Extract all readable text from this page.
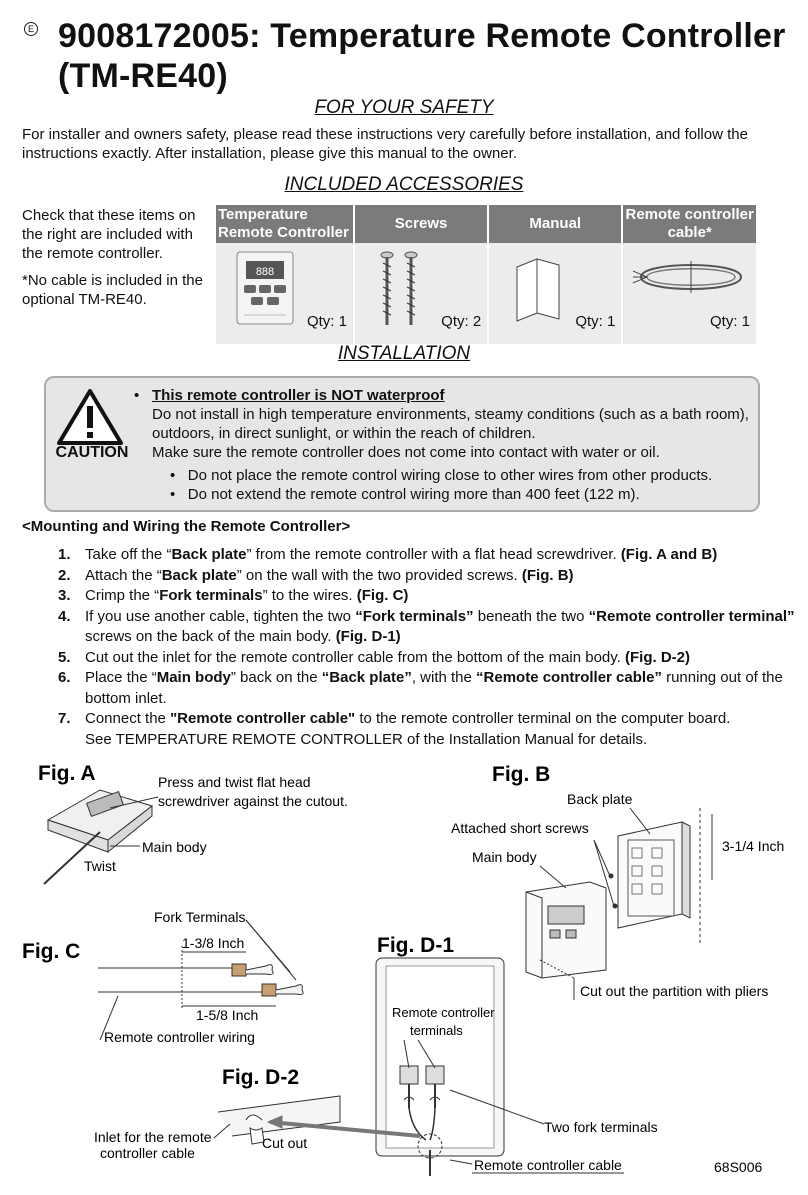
E 9008172005: Temperature Remote Controller
(TM-RE40)
FOR YOUR SAFETY
For installer and owners safety, please read these instructions very carefully before installation, and follow the instructions exactly. After installation, please give this manual to the owner.
INCLUDED ACCESSORIES
Check that these items on the right are included with the remote controller.
*No cable is included in the optional TM-RE40.
Temperature Remote Controller	Screws	Manual	Remote controller cable*

888
Qty: 1	Qty: 2	Qty: 1	Qty: 1
INSTALLATION
CAUTION
• This remote controller is NOT waterproof
Do not install in high temperature environments, steamy conditions (such as a bath room), outdoors, in direct sunlight, or within the reach of children.
Make sure the remote controller does not come into contact with water or oil.
•   Do not place the remote control wiring close to other wires from other products.
•   Do not extend the remote control wiring more than 400 feet (122 m).
<Mounting and Wiring the Remote Controller>
1. Take off the “Back plate” from the remote controller with a flat head screwdriver. (Fig. A and B)
2. Attach the “Back plate” on the wall with the two provided screws. (Fig. B)
3. Crimp the “Fork terminals” to the wires. (Fig. C)
4. If you use another cable, tighten the two “Fork terminals” beneath the two “Remote controller terminal” screws on the back of the main body. (Fig. D-1)
5. Cut out the inlet for the remote controller cable from the bottom of the main body. (Fig. D-2)
6. Place the “Main body” back on the “Back plate”, with the “Remote controller cable” running out of the bottom inlet.
7. Connect the "Remote controller cable" to the remote controller terminal on the computer board.
See TEMPERATURE REMOTE CONTROLLER of the Installation Manual for details.
Fig. A	Press and twist flat head
screwdriver against the cutout.
Main body
Twist
Fig. B
Back plate
Attached short screws
Main body
3-1/4 Inch
Cut out the partition with pliers
Fig. C
Fork Terminals
1-3/8 Inch
1-5/8 Inch
Remote controller wiring
Fig. D-1
Remote controller
terminals
Two fork terminals
Remote controller cable
Fig. D-2
Inlet for the remote
controller cable
Cut out
68S006
